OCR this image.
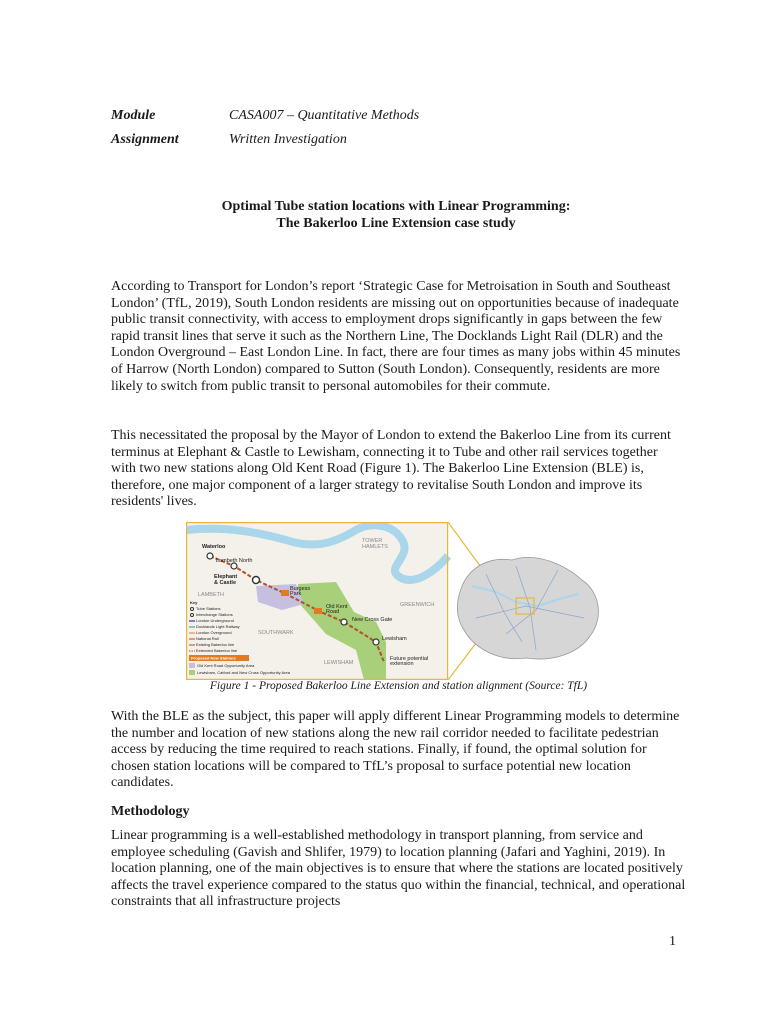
Module	CASA007 – Quantitative Methods
Assignment	Written Investigation
Optimal Tube station locations with Linear Programming:
The Bakerloo Line Extension case study

According to Transport for London’s report ‘Strategic Case for Metroisation in South and Southeast London’ (TfL, 2019), South London residents are missing out on opportunities because of inadequate public transit connectivity, with access to employment drops significantly in gaps between the few rapid transit lines that serve it such as the Northern Line, The Docklands Light Rail (DLR) and the London Overground – East London Line. In fact, there are four times as many jobs within 45 minutes of Harrow (North London) compared to Sutton (South London). Consequently, residents are more likely to switch from public transit to personal automobiles for their commute.

This necessitated the proposal by the Mayor of London to extend the Bakerloo Line from its current terminus at Elephant & Castle to Lewisham, connecting it to Tube and other rail services together with two new stations along Old Kent Road (Figure 1). The Bakerloo Line Extension (BLE) is, therefore, one major component of a larger strategy to revitalise South London and improve its residents' lives.

Waterloo
Lambeth North
Elephant
& Castle
Burgess
Park
Old Kent
Road
New Cross Gate
Lewisham
Future potential
extension
TOWER
HAMLETS
GREENWICH
SOUTHWARK
LEWISHAM
LAMBETH
Key
Tube Stations
Interchange Stations
London Underground
Docklands Light Railway
London Overground
National Rail
Existing Bakerloo line
Extended Bakerloo line
Proposed New Stations
Old Kent Road Opportunity Area
Lewisham, Catford and New Cross Opportunity Area
Figure 1 - Proposed Bakerloo Line Extension and station alignment (Source: TfL)

With the BLE as the subject, this paper will apply different Linear Programming models to determine the number and location of new stations along the new rail corridor needed to facilitate pedestrian access by reducing the time required to reach stations. Finally, if found, the optimal solution for chosen station locations will be compared to TfL’s proposal to surface potential new location candidates.

Methodology

Linear programming is a well-established methodology in transport planning, from service and employee scheduling (Gavish and Shlifer, 1979) to location planning (Jafari and Yaghini, 2019). In location planning, one of the main objectives is to ensure that where the stations are located positively affects the travel experience compared to the status quo within the financial, technical, and operational constraints that all infrastructure projects

1
